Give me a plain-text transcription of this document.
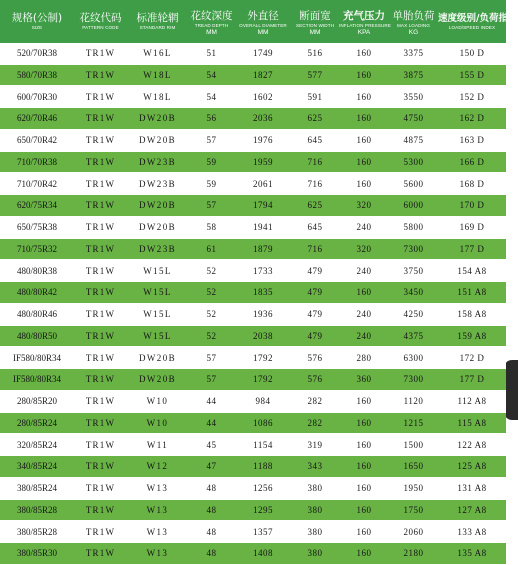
规格(公制)
SIZE
花纹代码
PATTERN CODE
标准轮辋
STANDARD RIM
花纹深度
TREAD DEPTH
MM
外直径
OVERALL DIAMETER
MM
断面宽
SECTION WIDTH
MM
充气压力
INFLATION PRESSURE
KPA
单胎负荷
MAX LOADING
KG
速度级别/负荷指数
LOAD/SPEED INDEX
520/70R38	TR1W	W16L	51	1749	516	160	3375	150 D
580/70R38	TR1W	W18L	54	1827	577	160	3875	155 D
600/70R30	TR1W	W18L	54	1602	591	160	3550	152 D
620/70R46	TR1W	DW20B	56	2036	625	160	4750	162 D
650/70R42	TR1W	DW20B	57	1976	645	160	4875	163 D
710/70R38	TR1W	DW23B	59	1959	716	160	5300	166 D
710/70R42	TR1W	DW23B	59	2061	716	160	5600	168 D
620/75R34	TR1W	DW20B	57	1794	625	320	6000	170 D
650/75R38	TR1W	DW20B	58	1941	645	240	5800	169 D
710/75R32	TR1W	DW23B	61	1879	716	320	7300	177 D
480/80R38	TR1W	W15L	52	1733	479	240	3750	154 A8
480/80R42	TR1W	W15L	52	1835	479	160	3450	151 A8
480/80R46	TR1W	W15L	52	1936	479	240	4250	158 A8
480/80R50	TR1W	W15L	52	2038	479	240	4375	159 A8
IF580/80R34	TR1W	DW20B	57	1792	576	280	6300	172 D
IF580/80R34	TR1W	DW20B	57	1792	576	360	7300	177 D
280/85R20	TR1W	W10	44	984	282	160	1120	112 A8
280/85R24	TR1W	W10	44	1086	282	160	1215	115 A8
320/85R24	TR1W	W11	45	1154	319	160	1500	122 A8
340/85R24	TR1W	W12	47	1188	343	160	1650	125 A8
380/85R24	TR1W	W13	48	1256	380	160	1950	131 A8
380/85R28	TR1W	W13	48	1295	380	160	1750	127 A8
380/85R28	TR1W	W13	48	1357	380	160	2060	133 A8
380/85R30	TR1W	W13	48	1408	380	160	2180	135 A8
